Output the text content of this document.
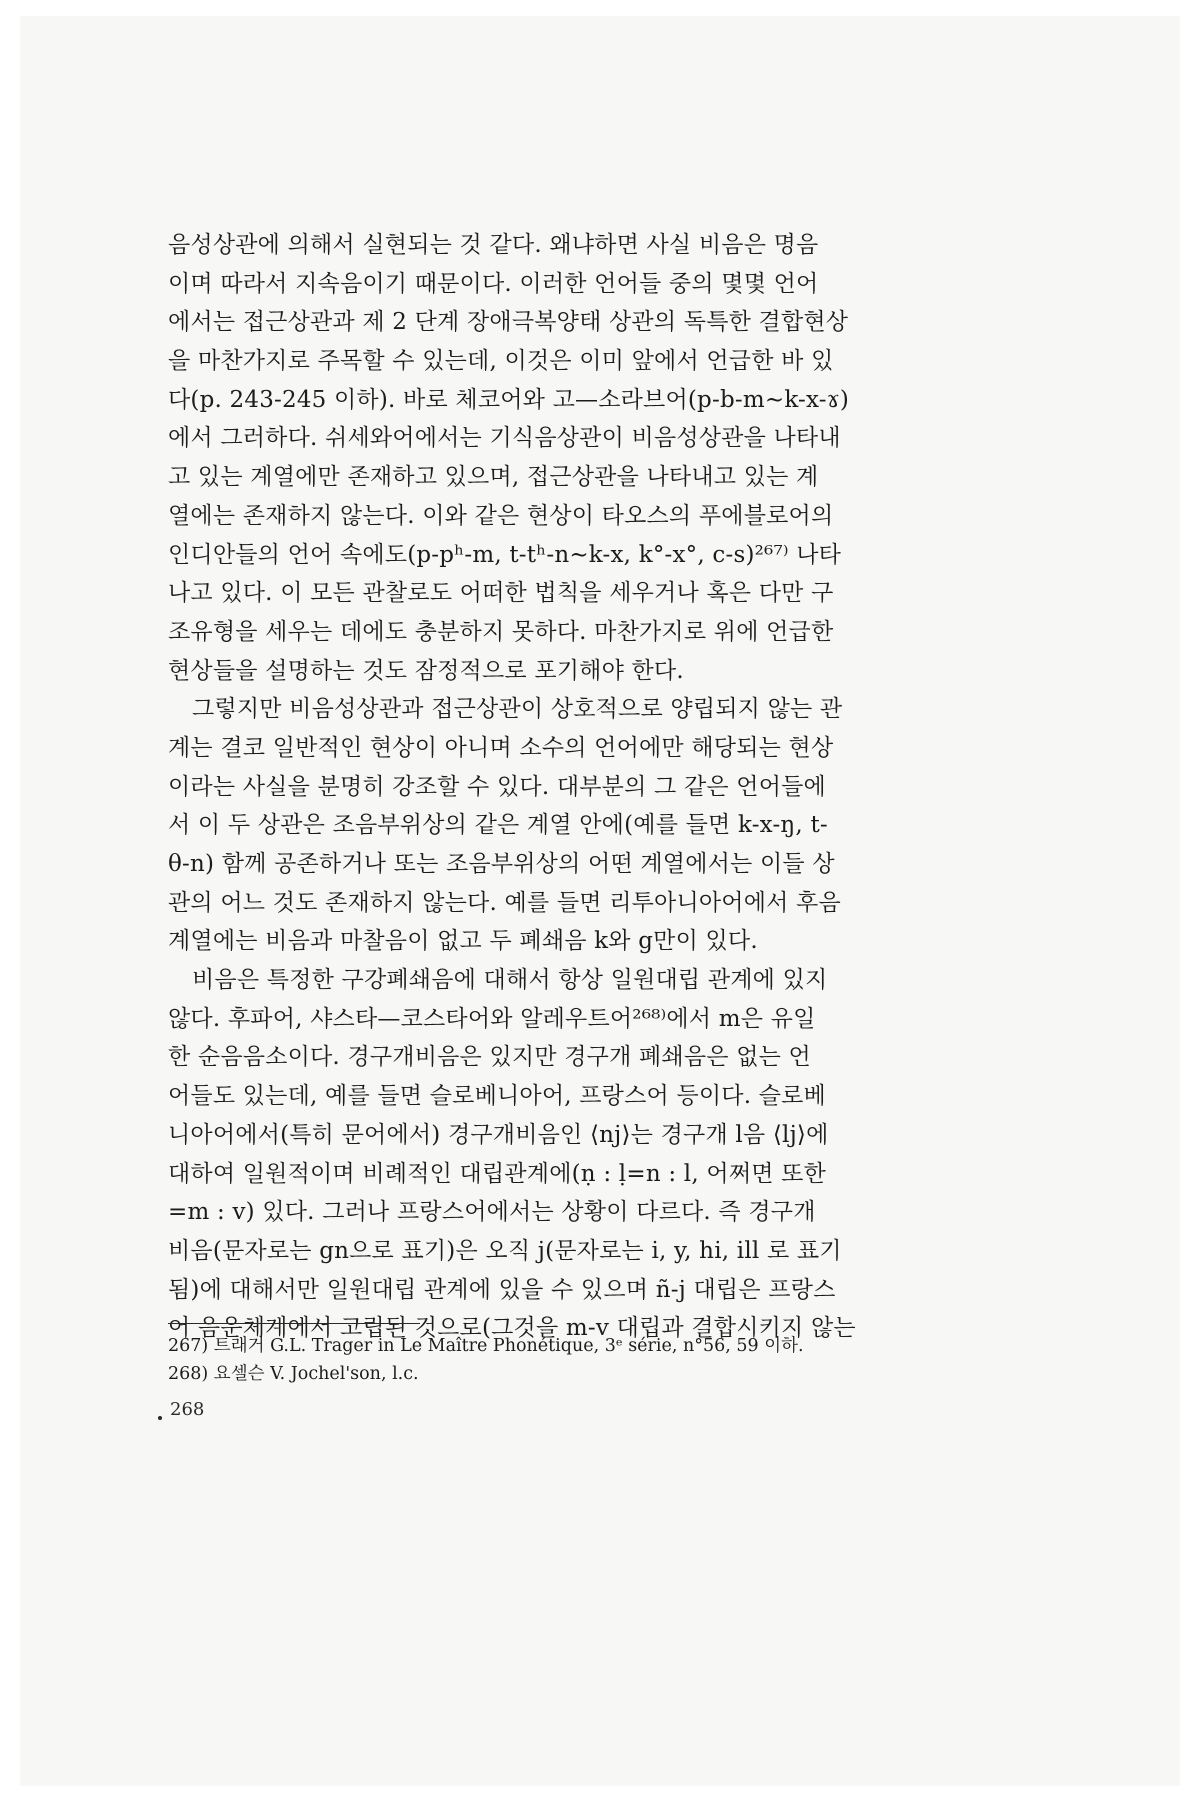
음성상관에 의해서 실현되는 것 같다. 왜냐하면 사실 비음은 명음
이며 따라서 지속음이기 때문이다. 이러한 언어들 중의 몇몇 언어
에서는 접근상관과 제 2 단계 장애극복양태 상관의 독특한 결합현상
을 마찬가지로 주목할 수 있는데, 이것은 이미 앞에서 언급한 바 있
다(p. 243-245 이하). 바로 체코어와 고—소라브어(p-b-m∼k-x-ɤ)
에서 그러하다. 쉬세와어에서는 기식음상관이 비음성상관을 나타내
고 있는 계열에만 존재하고 있으며, 접근상관을 나타내고 있는 계
열에는 존재하지 않는다. 이와 같은 현상이 타오스의 푸에블로어의
인디안들의 언어 속에도(p-pʰ-m, t-tʰ-n∼k-x, k°-x°, c-s)²⁶⁷⁾ 나타
나고 있다. 이 모든 관찰로도 어떠한 법칙을 세우거나 혹은 다만 구
조유형을 세우는 데에도 충분하지 못하다. 마찬가지로 위에 언급한
현상들을 설명하는 것도 잠정적으로 포기해야 한다.
그렇지만 비음성상관과 접근상관이 상호적으로 양립되지 않는 관
계는 결코 일반적인 현상이 아니며 소수의 언어에만 해당되는 현상
이라는 사실을 분명히 강조할 수 있다. 대부분의 그 같은 언어들에
서 이 두 상관은 조음부위상의 같은 계열 안에(예를 들면 k-x-ŋ, t-
θ-n) 함께 공존하거나 또는 조음부위상의 어떤 계열에서는 이들 상
관의 어느 것도 존재하지 않는다. 예를 들면 리투아니아어에서 후음
계열에는 비음과 마찰음이 없고 두 폐쇄음 k와 g만이 있다.
비음은 특정한 구강폐쇄음에 대해서 항상 일원대립 관계에 있지
않다. 후파어, 샤스타—코스타어와 알레우트어²⁶⁸⁾에서 m은 유일
한 순음음소이다. 경구개비음은 있지만 경구개 폐쇄음은 없는 언
어들도 있는데, 예를 들면 슬로베니아어, 프랑스어 등이다. 슬로베
니아어에서(특히 문어에서) 경구개비음인 ⟨nj⟩는 경구개 l음 ⟨lj⟩에
대하여 일원적이며 비례적인 대립관계에(ṇ : ḷ=n : l, 어쩌면 또한
=m : v) 있다. 그러나 프랑스어에서는 상황이 다르다. 즉 경구개
비음(문자로는 gn으로 표기)은 오직 j(문자로는 i, y, hi, ill 로 표기
됨)에 대해서만 일원대립 관계에 있을 수 있으며 ñ-j 대립은 프랑스
어 음운체계에서 고립된 것으로(그것을 m-v 대립과 결합시키지 않는
267) 트래거 G.L. Trager in Le Maître Phonétique, 3ᵉ série, n°56, 59 이하.
268) 요셀슨 V. Jochel'son, l.c.
268
